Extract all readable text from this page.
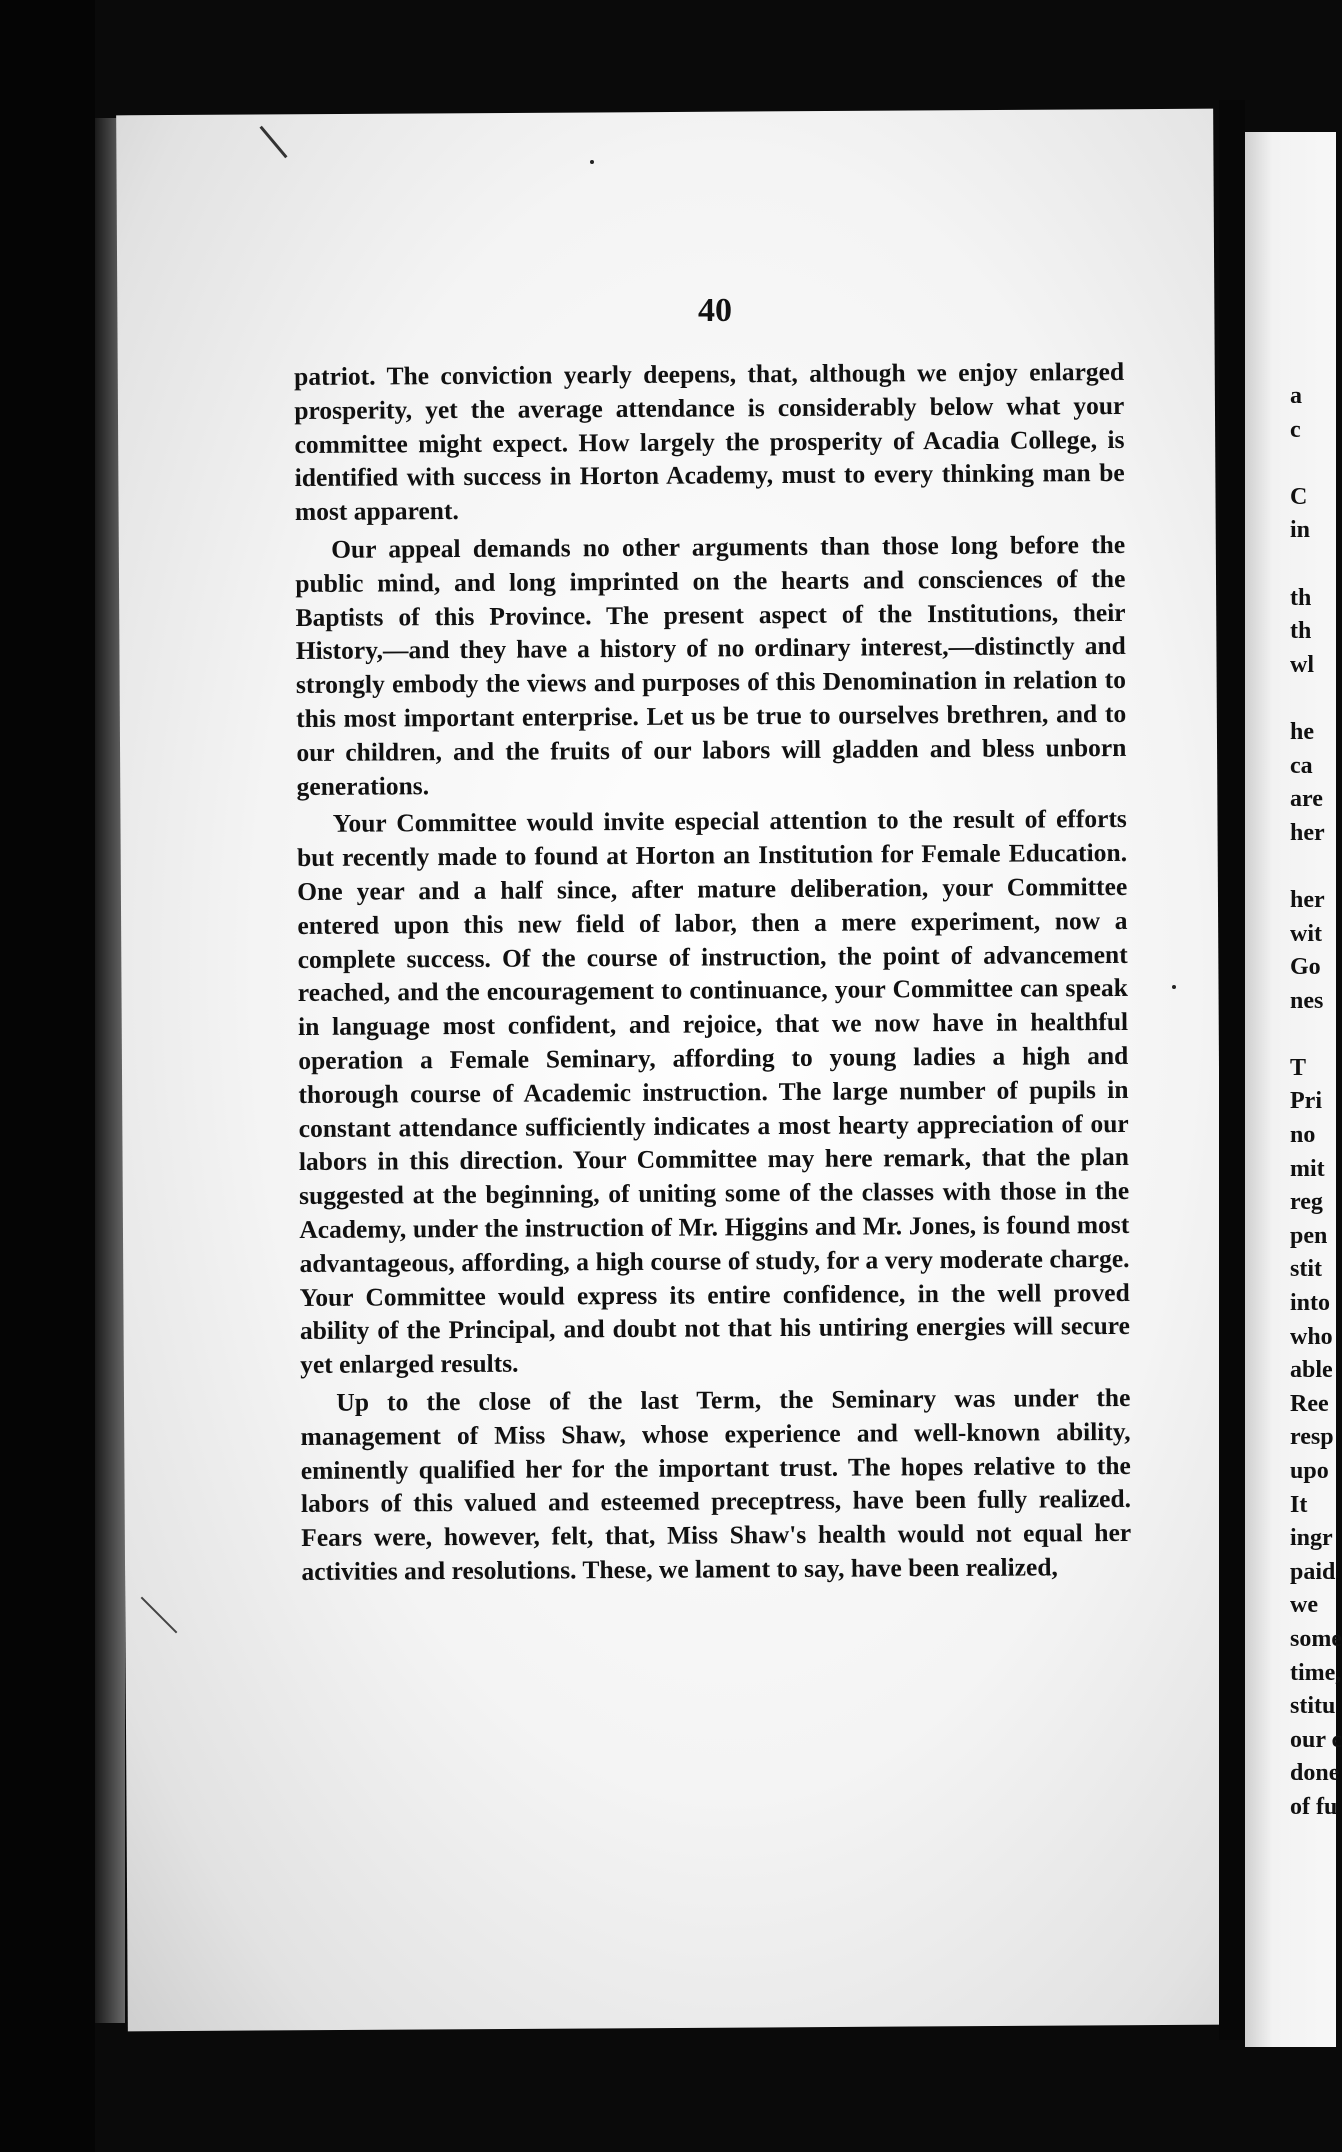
40

patriot. The conviction yearly deepens, that, although we enjoy enlarged prosperity, yet the average attendance is considerably below what your committee might expect. How largely the prosperity of Acadia College, is identified with success in Horton Academy, must to every thinking man be most apparent.

Our appeal demands no other arguments than those long before the public mind, and long imprinted on the hearts and consciences of the Baptists of this Province. The present aspect of the Institutions, their History,—and they have a history of no ordinary interest,—distinctly and strongly embody the views and purposes of this Denomination in relation to this most important enterprise. Let us be true to ourselves brethren, and to our children, and the fruits of our labors will gladden and bless unborn generations.

Your Committee would invite especial attention to the result of efforts but recently made to found at Horton an Institution for Female Education. One year and a half since, after mature deliberation, your Committee entered upon this new field of labor, then a mere experiment, now a complete success. Of the course of instruction, the point of advancement reached, and the encouragement to continuance, your Committee can speak in language most confident, and rejoice, that we now have in healthful operation a Female Seminary, affording to young ladies a high and thorough course of Academic instruction. The large number of pupils in constant attendance sufficiently indicates a most hearty appreciation of our labors in this direction. Your Committee may here remark, that the plan suggested at the beginning, of uniting some of the classes with those in the Academy, under the instruction of Mr. Higgins and Mr. Jones, is found most advantageous, affording, a high course of study, for a very moderate charge. Your Committee would express its entire confidence, in the well proved ability of the Principal, and doubt not that his untiring energies will secure yet enlarged results.

Up to the close of the last Term, the Seminary was under the management of Miss Shaw, whose experience and well-known ability, eminently qualified her for the important trust. The hopes relative to the labors of this valued and esteemed preceptress, have been fully realized. Fears were, however, felt, that, Miss Shaw's health would not equal her activities and resolutions. These, we lament to say, have been realized,

a
c
C
in
th
th
wl
he
ca
are
her
her
wit
Go
nes
T
Pri
no
mit
reg
pen
stit
into
who
able
Ree
resp
upo
It
ingr
paid
we
some
time,
stitu
our c
done
of fu
